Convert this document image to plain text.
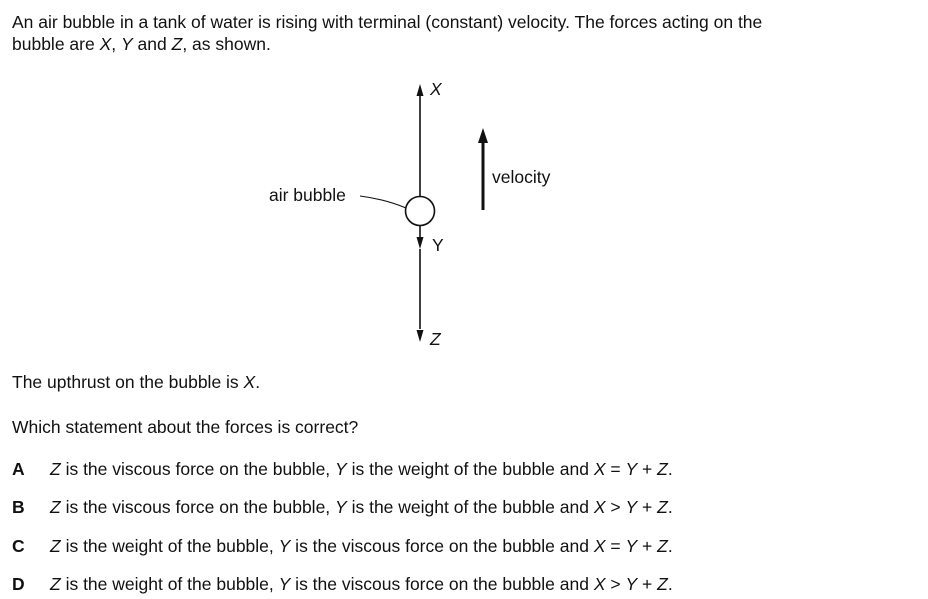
An air bubble in a tank of water is rising with terminal (constant) velocity. The forces acting on the
bubble are X, Y and Z, as shown.
X
air bubble
Y
Z
velocity
The upthrust on the bubble is X.
Which statement about the forces is correct?
A Z is the viscous force on the bubble, Y is the weight of the bubble and X = Y + Z.
B Z is the viscous force on the bubble, Y is the weight of the bubble and X > Y + Z.
C Z is the weight of the bubble, Y is the viscous force on the bubble and X = Y + Z.
D Z is the weight of the bubble, Y is the viscous force on the bubble and X > Y + Z.
